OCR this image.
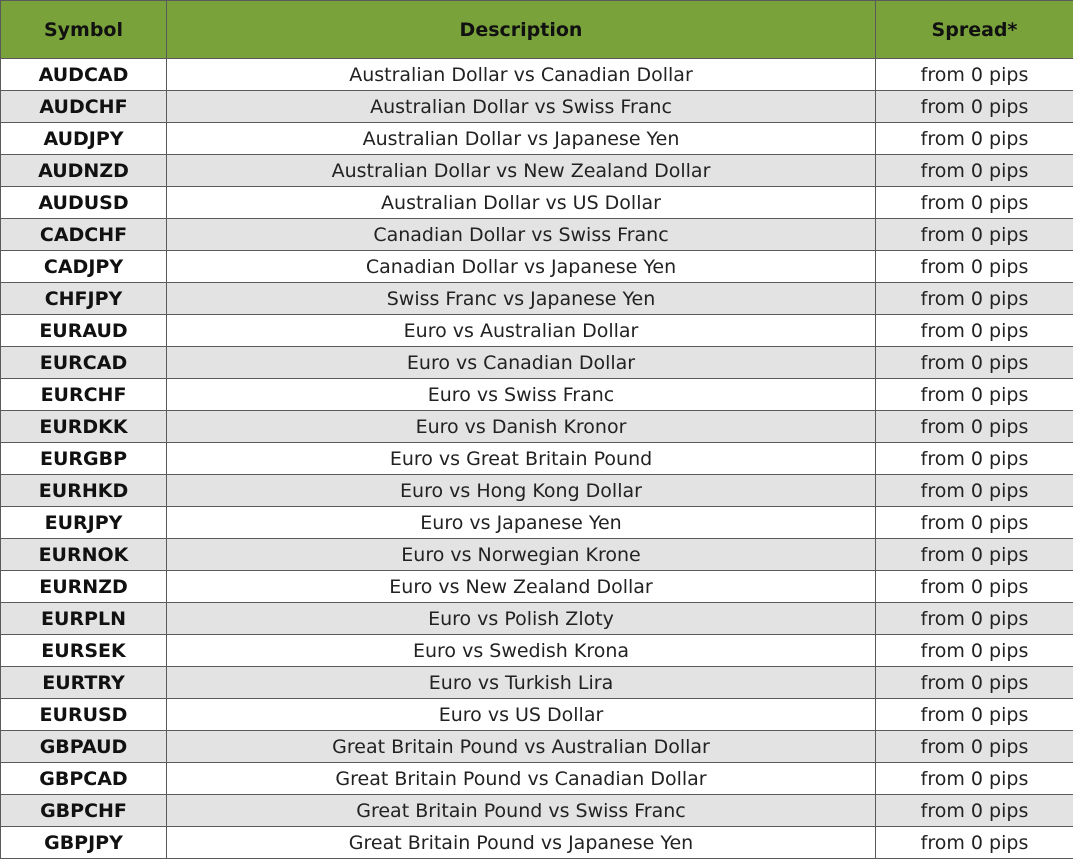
Symbol	Description	Spread*
AUDCAD	Australian Dollar vs Canadian Dollar	from 0 pips
AUDCHF	Australian Dollar vs Swiss Franc	from 0 pips
AUDJPY	Australian Dollar vs Japanese Yen	from 0 pips
AUDNZD	Australian Dollar vs New Zealand Dollar	from 0 pips
AUDUSD	Australian Dollar vs US Dollar	from 0 pips
CADCHF	Canadian Dollar vs Swiss Franc	from 0 pips
CADJPY	Canadian Dollar vs Japanese Yen	from 0 pips
CHFJPY	Swiss Franc vs Japanese Yen	from 0 pips
EURAUD	Euro vs Australian Dollar	from 0 pips
EURCAD	Euro vs Canadian Dollar	from 0 pips
EURCHF	Euro vs Swiss Franc	from 0 pips
EURDKK	Euro vs Danish Kronor	from 0 pips
EURGBP	Euro vs Great Britain Pound	from 0 pips
EURHKD	Euro vs Hong Kong Dollar	from 0 pips
EURJPY	Euro vs Japanese Yen	from 0 pips
EURNOK	Euro vs Norwegian Krone	from 0 pips
EURNZD	Euro vs New Zealand Dollar	from 0 pips
EURPLN	Euro vs Polish Zloty	from 0 pips
EURSEK	Euro vs Swedish Krona	from 0 pips
EURTRY	Euro vs Turkish Lira	from 0 pips
EURUSD	Euro vs US Dollar	from 0 pips
GBPAUD	Great Britain Pound vs Australian Dollar	from 0 pips
GBPCAD	Great Britain Pound vs Canadian Dollar	from 0 pips
GBPCHF	Great Britain Pound vs Swiss Franc	from 0 pips
GBPJPY	Great Britain Pound vs Japanese Yen	from 0 pips
